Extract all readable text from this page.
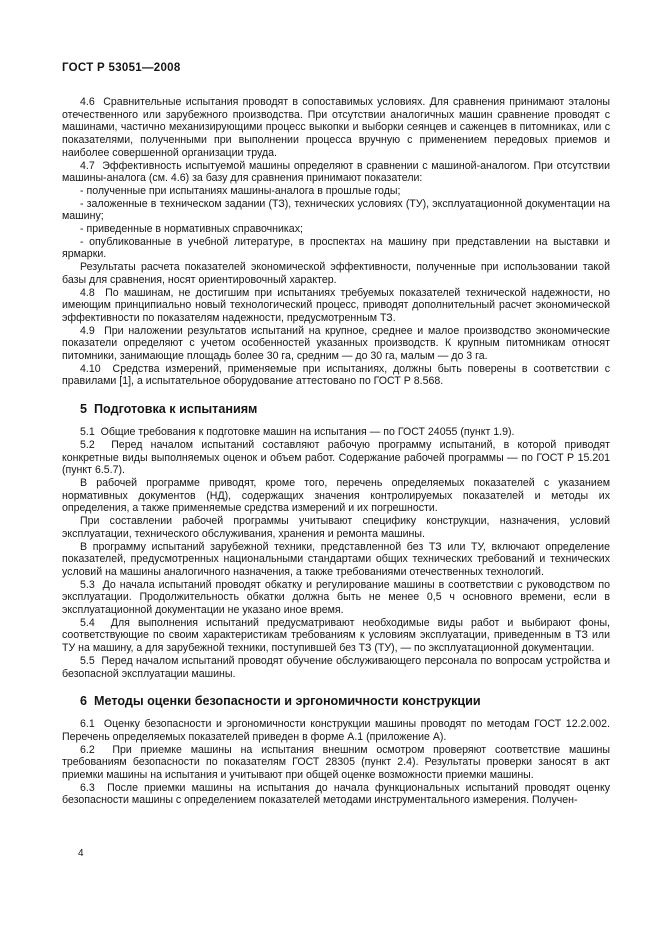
ГОСТ Р 53051—2008

4.6  Сравнительные испытания проводят в сопоставимых условиях. Для сравнения принимают эталоны отечественного или зарубежного производства. При отсутствии аналогичных машин сравнение проводят с машинами, частично механизирующими процесс выкопки и выборки сеянцев и саженцев в питомниках, или с показателями, полученными при выполнении процесса вручную с применением передовых приемов и наиболее совершенной организации труда.

4.7  Эффективность испытуемой машины определяют в сравнении с машиной-аналогом. При отсутствии машины-аналога (см. 4.6) за базу для сравнения принимают показатели:

- полученные при испытаниях машины-аналога в прошлые годы;

- заложенные в техническом задании (ТЗ), технических условиях (ТУ), эксплуатационной документации на машину;

- приведенные в нормативных справочниках;

- опубликованные в учебной литературе, в проспектах на машину при представлении на выставки и ярмарки.

Результаты расчета показателей экономической эффективности, полученные при использовании такой базы для сравнения, носят ориентировочный характер.

4.8  По машинам, не достигшим при испытаниях требуемых показателей технической надежности, но имеющим принципиально новый технологический процесс, приводят дополнительный расчет экономической эффективности по показателям надежности, предусмотренным ТЗ.

4.9  При наложении результатов испытаний на крупное, среднее и малое производство экономические показатели определяют с учетом особенностей указанных производств. К крупным питомникам относят питомники, занимающие площадь более 30 га, средним — до 30 га, малым — до 3 га.

4.10  Средства измерений, применяемые при испытаниях, должны быть поверены в соответствии с правилами [1], а испытательное оборудование аттестовано по ГОСТ Р 8.568.

5  Подготовка к испытаниям

5.1  Общие требования к подготовке машин на испытания — по ГОСТ 24055 (пункт 1.9).

5.2  Перед началом испытаний составляют рабочую программу испытаний, в которой приводят конкретные виды выполняемых оценок и объем работ. Содержание рабочей программы — по ГОСТ Р 15.201 (пункт 6.5.7).

В рабочей программе приводят, кроме того, перечень определяемых показателей с указанием нормативных документов (НД), содержащих значения контролируемых показателей и методы их определения, а также применяемые средства измерений и их погрешности.

При составлении рабочей программы учитывают специфику конструкции, назначения, условий эксплуатации, технического обслуживания, хранения и ремонта машины.

В программу испытаний зарубежной техники, представленной без ТЗ или ТУ, включают определение показателей, предусмотренных национальными стандартами общих технических требований и технических условий на машины аналогичного назначения, а также требованиями отечественных технологий.

5.3  До начала испытаний проводят обкатку и регулирование машины в соответствии с руководством по эксплуатации. Продолжительность обкатки должна быть не менее 0,5 ч основного времени, если в эксплуатационной документации не указано иное время.

5.4  Для выполнения испытаний предусматривают необходимые виды работ и выбирают фоны, соответствующие по своим характеристикам требованиям к условиям эксплуатации, приведенным в ТЗ или ТУ на машину, а для зарубежной техники, поступившей без ТЗ (ТУ), — по эксплуатационной документации.

5.5  Перед началом испытаний проводят обучение обслуживающего персонала по вопросам устройства и безопасной эксплуатации машины.

6  Методы оценки безопасности и эргономичности конструкции

6.1  Оценку безопасности и эргономичности конструкции машины проводят по методам ГОСТ 12.2.002. Перечень определяемых показателей приведен в форме А.1 (приложение А).

6.2  При приемке машины на испытания внешним осмотром проверяют соответствие машины требованиям безопасности по показателям ГОСТ 28305 (пункт 2.4). Результаты проверки заносят в акт приемки машины на испытания и учитывают при общей оценке возможности приемки машины.

6.3  После приемки машины на испытания до начала функциональных испытаний проводят оценку безопасности машины с определением показателей методами инструментального измерения. Получен-

4
